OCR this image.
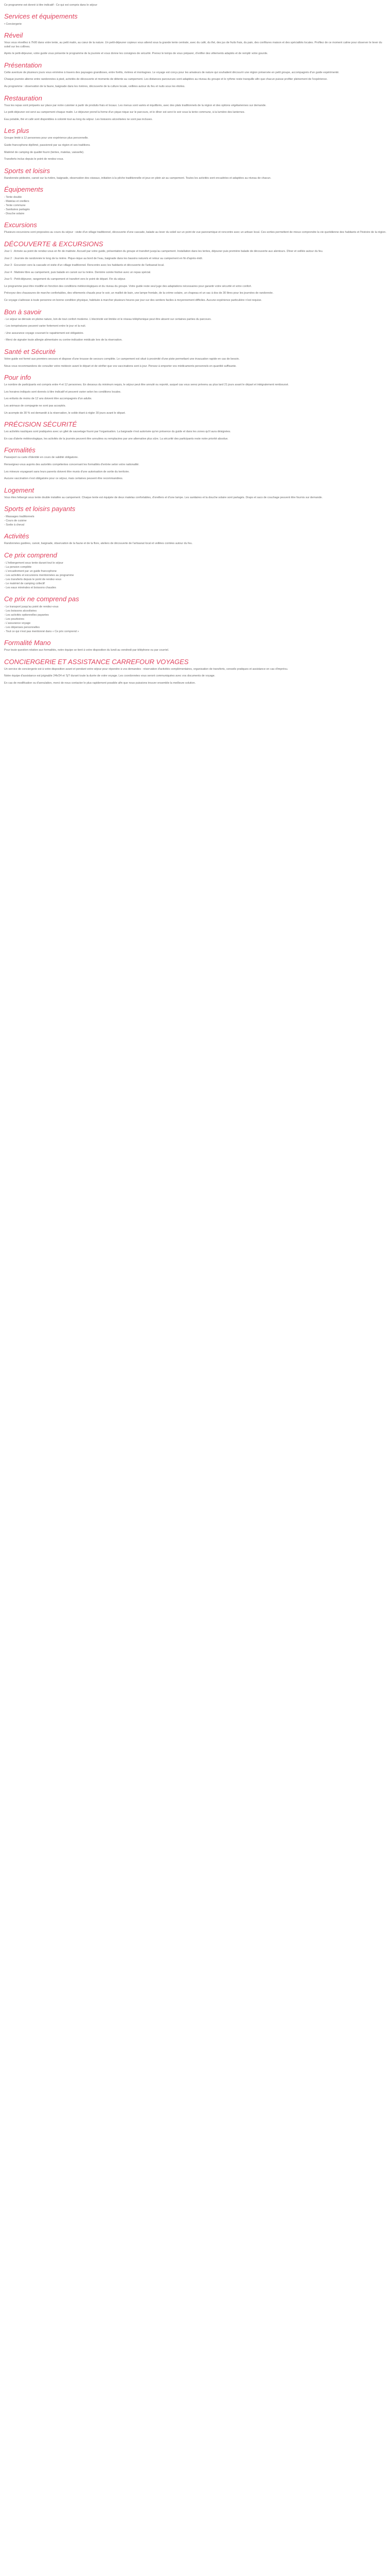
Ce programme est donné à titre indicatif - Ce qui est compris dans le séjour

Services et équipements
• Conciergerie
Réveil

Vous vous réveillez à 7h00 dans votre tente, au petit matin, au cœur de la nature. Un petit-déjeuner copieux vous attend sous la grande tente centrale, avec du café, du thé, des jus de fruits frais, du pain, des confitures maison et des spécialités locales. Profitez de ce moment calme pour observer le lever du soleil sur les collines.

Après le petit-déjeuner, votre guide vous présente le programme de la journée et vous donne les consignes de sécurité. Prenez le temps de vous préparer, d'enfiler des vêtements adaptés et de remplir votre gourde.

Présentation

Cette aventure de plusieurs jours vous emmène à travers des paysages grandioses, entre forêts, rivières et montagnes. Le voyage est conçu pour les amateurs de nature qui souhaitent découvrir une région préservée en petit groupe, accompagnés d'un guide expérimenté.

Chaque journée alterne entre randonnées à pied, activités de découverte et moments de détente au campement. Les distances parcourues sont adaptées au niveau du groupe et le rythme reste tranquille afin que chacun puisse profiter pleinement de l'expérience.

Au programme : observation de la faune, baignade dans les rivières, découverte de la culture locale, veillées autour du feu et nuits sous les étoiles.

Restauration

Tous les repas sont préparés sur place par notre cuisinier à partir de produits frais et locaux. Les menus sont variés et équilibrés, avec des plats traditionnels de la région et des options végétariennes sur demande.

Le petit-déjeuner est servi au campement chaque matin. Le déjeuner prend la forme d'un pique-nique sur le parcours, et le dîner est servi le soir sous la tente commune, à la lumière des lanternes.

Eau potable, thé et café sont disponibles à volonté tout au long du séjour. Les boissons alcoolisées ne sont pas incluses.

Les plus

Groupe limité à 12 personnes pour une expérience plus personnelle.

Guide francophone diplômé, passionné par sa région et ses traditions.

Matériel de camping de qualité fourni (tentes, matelas, vaisselle).

Transferts inclus depuis le point de rendez-vous.

Sports et loisirs

Randonnée pédestre, canoë sur la rivière, baignade, observation des oiseaux, initiation à la pêche traditionnelle et jeux en plein air au campement. Toutes les activités sont encadrées et adaptées au niveau de chacun.

Équipements
- Tente double
- Matelas et oreillers
- Tente commune
- Sanitaires partagés
- Douche solaire
Excursions

Plusieurs excursions sont proposées au cours du séjour : visite d'un village traditionnel, découverte d'une cascade, balade au lever du soleil sur un point de vue panoramique et rencontre avec un artisan local. Ces sorties permettent de mieux comprendre la vie quotidienne des habitants et l'histoire de la région.

DÉCOUVERTE & EXCURSIONS

Jour 1 : Arrivée au point de rendez-vous en fin de matinée. Accueil par votre guide, présentation du groupe et transfert jusqu'au campement. Installation dans les tentes, déjeuner puis première balade de découverte aux alentours. Dîner et veillée autour du feu.

Jour 2 : Journée de randonnée le long de la rivière. Pique-nique au bord de l'eau, baignade dans les bassins naturels et retour au campement en fin d'après-midi.

Jour 3 : Excursion vers la cascade et visite d'un village traditionnel. Rencontre avec les habitants et découverte de l'artisanat local.

Jour 4 : Matinée libre au campement, puis balade en canoë sur la rivière. Dernière soirée festive avec un repas spécial.

Jour 5 : Petit-déjeuner, rangement du campement et transfert vers le point de départ. Fin du séjour.

Le programme peut être modifié en fonction des conditions météorologiques et du niveau du groupe. Votre guide reste seul juge des adaptations nécessaires pour garantir votre sécurité et votre confort.

Prévoyez des chaussures de marche confortables, des vêtements chauds pour le soir, un maillot de bain, une lampe frontale, de la crème solaire, un chapeau et un sac à dos de 30 litres pour les journées de randonnée.

Ce voyage s'adresse à toute personne en bonne condition physique, habituée à marcher plusieurs heures par jour sur des sentiers faciles à moyennement difficiles. Aucune expérience particulière n'est requise.

Bon à savoir

- Le séjour se déroule en pleine nature, loin de tout confort moderne. L'électricité est limitée et le réseau téléphonique peut être absent sur certaines parties du parcours.

- Les températures peuvent varier fortement entre le jour et la nuit.

- Une assurance voyage couvrant le rapatriement est obligatoire.

- Merci de signaler toute allergie alimentaire ou contre-indication médicale lors de la réservation.

Santé et Sécurité

Votre guide est formé aux premiers secours et dispose d'une trousse de secours complète. Le campement est situé à proximité d'une piste permettant une évacuation rapide en cas de besoin.

Nous vous recommandons de consulter votre médecin avant le départ et de vérifier que vos vaccinations sont à jour. Pensez à emporter vos médicaments personnels en quantité suffisante.

Pour info

Le nombre de participants est compris entre 4 et 12 personnes. En dessous du minimum requis, le séjour peut être annulé ou reporté, auquel cas vous serez prévenu au plus tard 21 jours avant le départ et intégralement remboursé.

Les horaires indiqués sont donnés à titre indicatif et peuvent varier selon les conditions locales.

Les enfants de moins de 12 ans doivent être accompagnés d'un adulte.

Les animaux de compagnie ne sont pas acceptés.

Un acompte de 30 % est demandé à la réservation, le solde étant à régler 30 jours avant le départ.

PRÉCISION SÉCURITÉ

Les activités nautiques sont pratiquées avec un gilet de sauvetage fourni par l'organisation. La baignade n'est autorisée qu'en présence du guide et dans les zones qu'il aura désignées.

En cas d'alerte météorologique, les activités de la journée peuvent être annulées ou remplacées par une alternative plus sûre. La sécurité des participants reste notre priorité absolue.

Formalités

Passeport ou carte d'identité en cours de validité obligatoire.

Renseignez-vous auprès des autorités compétentes concernant les formalités d'entrée selon votre nationalité.

Les mineurs voyageant sans leurs parents doivent être munis d'une autorisation de sortie du territoire.

Aucune vaccination n'est obligatoire pour ce séjour, mais certaines peuvent être recommandées.

Logement

Vous êtes hébergé sous tente double installée au campement. Chaque tente est équipée de deux matelas confortables, d'oreillers et d'une lampe. Les sanitaires et la douche solaire sont partagés. Draps et sacs de couchage peuvent être fournis sur demande.

Sports et loisirs payants
- Massages traditionnels
- Cours de cuisine
- Sortie à cheval
Activités

Randonnées guidées, canoë, baignade, observation de la faune et de la flore, ateliers de découverte de l'artisanat local et veillées contées autour du feu.

Ce prix comprend
- L'hébergement sous tente durant tout le séjour
- La pension complète
- L'encadrement par un guide francophone
- Les activités et excursions mentionnées au programme
- Les transferts depuis le point de rendez-vous
- Le matériel de camping collectif
- Les eaux minérales et boissons chaudes
Ce prix ne comprend pas
- Le transport jusqu'au point de rendez-vous
- Les boissons alcoolisées
- Les activités optionnelles payantes
- Les pourboires
- L'assurance voyage
- Les dépenses personnelles
- Tout ce qui n'est pas mentionné dans « Ce prix comprend »
Formalité Mano

Pour toute question relative aux formalités, notre équipe se tient à votre disposition du lundi au vendredi par téléphone ou par courriel.

CONCIERGERIE ET ASSISTANCE CARREFOUR VOYAGES

Un service de conciergerie est à votre disposition avant et pendant votre séjour pour répondre à vos demandes : réservation d'activités complémentaires, organisation de transferts, conseils pratiques et assistance en cas d'imprévu.

Notre équipe d'assistance est joignable 24h/24 et 7j/7 durant toute la durée de votre voyage. Les coordonnées vous seront communiquées avec vos documents de voyage.

En cas de modification ou d'annulation, merci de nous contacter le plus rapidement possible afin que nous puissions trouver ensemble la meilleure solution.
